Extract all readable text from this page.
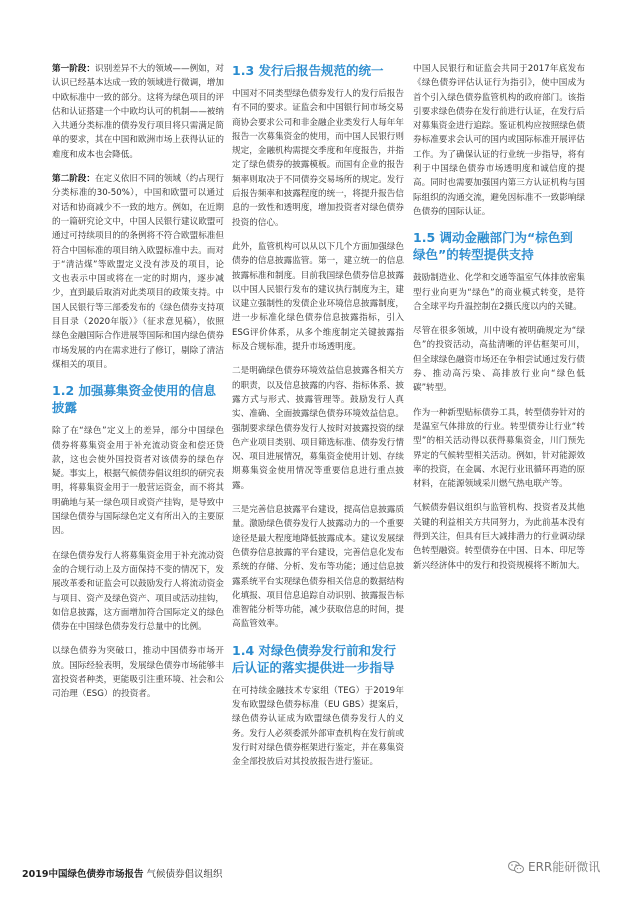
第一阶段：识别差异不大的领域——例如，对认识已经基本达成一致的领域进行微调，增加中欧标准中一致的部分。这将为绿色项目的评估和认证搭建一个中欧均认可的机制——被纳入共通分类标准的债券发行项目将只需满足简单的要求，其在中国和欧洲市场上获得认证的难度和成本也会降低。

第二阶段：在定义依旧不同的领域（约占现行分类标准的30-50%），中国和欧盟可以通过对话和协商减少不一致的地方。例如，在近期的一篇研究论文中，中国人民银行建议欧盟可通过可持续项目的的条例将不符合欧盟标准但符合中国标准的项目纳入欧盟标准中去。而对于“清洁煤”等欧盟定义没有涉及的项目，论文也表示中国或将在一定的时期内，逐步减少，直到最后取消对此类项目的政策支持。中国人民银行等三部委发布的《绿色债券支持项目目录（2020年版）》（征求意见稿），依照绿色金融国际合作进展等国际和国内绿色债券市场发展的内在需求进行了修订，剔除了清洁煤相关的项目。

1.2 加强募集资金使用的信息披露

除了在“绿色”定义上的差异，部分中国绿色债券将募集资金用于补充流动资金和偿还贷款，这也会使外国投资者对该债券的绿色存疑。事实上，根据气候债券倡议组织的研究表明，将募集资金用于一般营运资金，而不将其明确地与某一绿色项目或资产挂钩，是导致中国绿色债券与国际绿色定义有所出入的主要原因。

在绿色债券发行人将募集资金用于补充流动资金的合规行动上及方面保持不变的情况下，发展改革委和证监会可以鼓励发行人将流动资金与项目、资产及绿色资产、项目或活动挂钩，如信息披露，这方面增加符合国际定义的绿色债券在中国绿色债券发行总量中的比例。

以绿色债券为突破口，推动中国债券市场开放。国际经验表明，发展绿色债券市场能够丰富投资者种类，更能吸引注重环境、社会和公司治理（ESG）的投资者。

1.3 发行后报告规范的统一

中国对不同类型绿色债券发行人的发行后报告有不同的要求。证监会和中国银行间市场交易商协会要求公司和非金融企业类发行人每年年报告一次募集资金的使用，而中国人民银行则规定，金融机构需提交季度和年度报告，并指定了绿色债券的披露模板。而国有企业的报告频率则取决于不同债券交易场所的规定。发行后报告频率和披露程度的统一，将提升报告信息的一致性和透明度，增加投资者对绿色债券投资的信心。

此外，监管机构可以从以下几个方面加强绿色债券的信息披露监管。第一，建立统一的信息披露标准和制度。目前我国绿色债券信息披露以中国人民银行发布的建议执行制度为主，建议建立强制性的发债企业环境信息披露制度，进一步标准化绿色债券信息披露指标，引入ESG评价体系，从多个维度制定关键披露指标及合规标准，提升市场透明度。

二是明确绿色债券环境效益信息披露各相关方的职责，以及信息披露的内容、指标体系、披露方式与形式、披露管理等。鼓励发行人真实、准确、全面披露绿色债券环境效益信息。强制要求绿色债券发行人按时对披露投资的绿色产业项目类别、项目筛选标准、债券发行情况、项目进展情况，募集资金使用计划、存续期募集资金使用情况等重要信息进行重点披露。

三是完善信息披露平台建设，提高信息披露质量。激励绿色债券发行人披露动力的一个重要途径是最大程度地降低披露成本。建议发展绿色债券信息披露的平台建设，完善信息化发布系统的存储、分析、发布等功能；通过信息披露系统平台实现绿色债券相关信息的数据结构化填报、项目信息追踪自动识别、披露报告标准智能分析等功能，减少获取信息的时间，提高监管效率。

1.4 对绿色债券发行前和发行后认证的落实提供进一步指导

在可持续金融技术专家组（TEG）于2019年发布欧盟绿色债券标准（EU GBS）提案后，绿色债券认证成为欧盟绿色债券发行人的义务。发行人必须委派外部审查机构在发行前或发行时对绿色债券框架进行鉴定，并在募集资金全部投放后对其投放报告进行鉴证。

中国人民银行和证监会共同于2017年底发布《绿色债券评估认证行为指引》，使中国成为首个引入绿色债券监管机构的政府部门。该指引要求绿色债券在发行前进行认证，在发行后对募集资金进行追踪。鉴证机构应按照绿色债券标准要求会认可的国内或国际标准开展评估工作。为了确保认证的行业统一步指导，将有利于中国绿色债券市场透明度和诚信度的提高。同时也需要加强国内第三方认证机构与国际组织的沟通交流，避免因标准不一致影响绿色债券的国际认证。

1.5 调动金融部门为“棕色到绿色”的转型提供支持

鼓励制造业、化学和交通等温室气体排放密集型行业向更为“绿色”的商业模式转变，是符合全球平均升温控制在2摄氏度以内的关键。

尽管在很多领域，川中设有被明确规定为“绿色”的投资活动，高盐清晰的评估框架可川，但全球绿色融资市场还在争相尝试通过发行债券、推动高污染、高排放行业向“绿色低碳”转型。

作为一种新型贴标债券工具，转型债券针对的是温室气体排放的行业。转型债券让行业“转型”的相关活动得以获得募集资金，川门预先界定的气候转型相关活动。例如，针对能源效率的投资，在金属、水泥行业讯循环再造的原材料，在能源领域采川燃气热电联产等。

气候债券倡议组织与监管机构、投资者及其他关键的利益相关方共同努力，为此前基本没有得到关注，但具有巨大减排潜力的行业调动绿色转型融资。转型债券在中国、日本、印尼等新兴经济体中的发行和投资规模将不断加大。

2019中国绿色债券市场报告 气候债券倡议组织
ERR能研微讯
